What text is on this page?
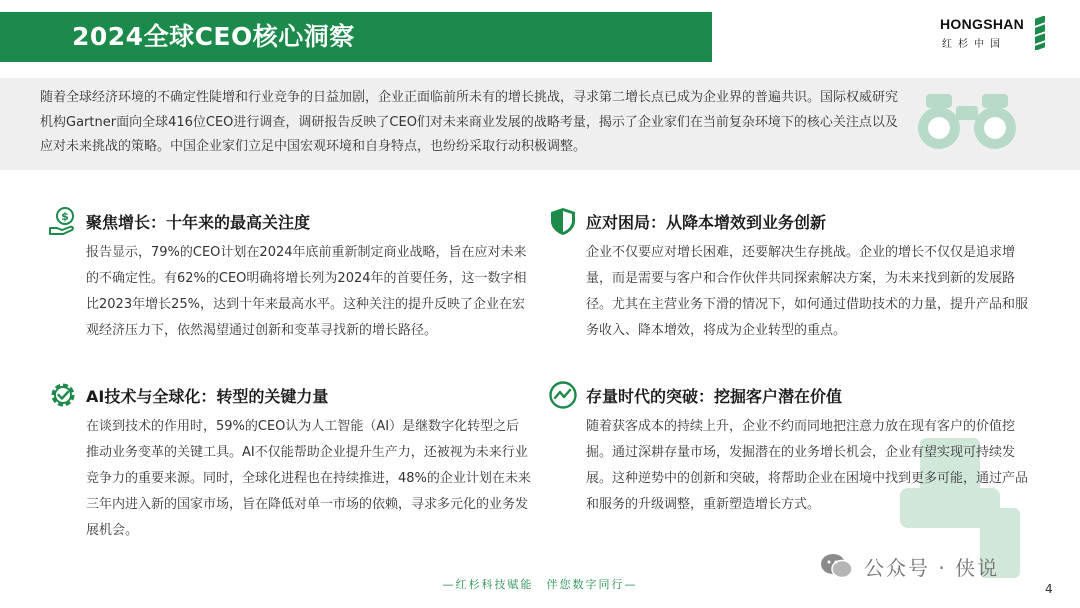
2024全球CEO核心洞察	HONGSHAN
红杉中国
随着全球经济环境的不确定性陡增和行业竞争的日益加剧，企业正面临前所未有的增长挑战，寻求第二增长点已成为企业界的普遍共识。国际权威研究机构Gartner面向全球416位CEO进行调查，调研报告反映了CEO们对未来商业发展的战略考量，揭示了企业家们在当前复杂环境下的核心关注点以及应对未来挑战的策略。中国企业家们立足中国宏观环境和自身特点，也纷纷采取行动积极调整。
$ 聚焦增长：十年来的最高关注度
报告显示，79%的CEO计划在2024年底前重新制定商业战略，旨在应对未来的不确定性。有62%的CEO明确将增长列为2024年的首要任务，这一数字相比2023年增长25%，达到十年来最高水平。这种关注的提升反映了企业在宏观经济压力下，依然渴望通过创新和变革寻找新的增长路径。
应对困局：从降本增效到业务创新
企业不仅要应对增长困难，还要解决生存挑战。企业的增长不仅仅是追求增量，而是需要与客户和合作伙伴共同探索解决方案，为未来找到新的发展路径。尤其在主营业务下滑的情况下，如何通过借助技术的力量，提升产品和服务收入、降本增效，将成为企业转型的重点。
AI技术与全球化：转型的关键力量
在谈到技术的作用时，59%的CEO认为人工智能（AI）是继数字化转型之后推动业务变革的关键工具。AI不仅能帮助企业提升生产力，还被视为未来行业竞争力的重要来源。同时，全球化进程也在持续推进，48%的企业计划在未来三年内进入新的国家市场，旨在降低对单一市场的依赖，寻求多元化的业务发展机会。
存量时代的突破：挖掘客户潜在价值
随着获客成本的持续上升，企业不约而同地把注意力放在现有客户的价值挖掘。通过深耕存量市场，发掘潜在的业务增长机会，企业有望实现可持续发展。这种逆势中的创新和突破，将帮助企业在困境中找到更多可能，通过产品和服务的升级调整，重新塑造增长方式。
公众号 · 侠说
—红杉科技赋能　伴您数字同行—	4
